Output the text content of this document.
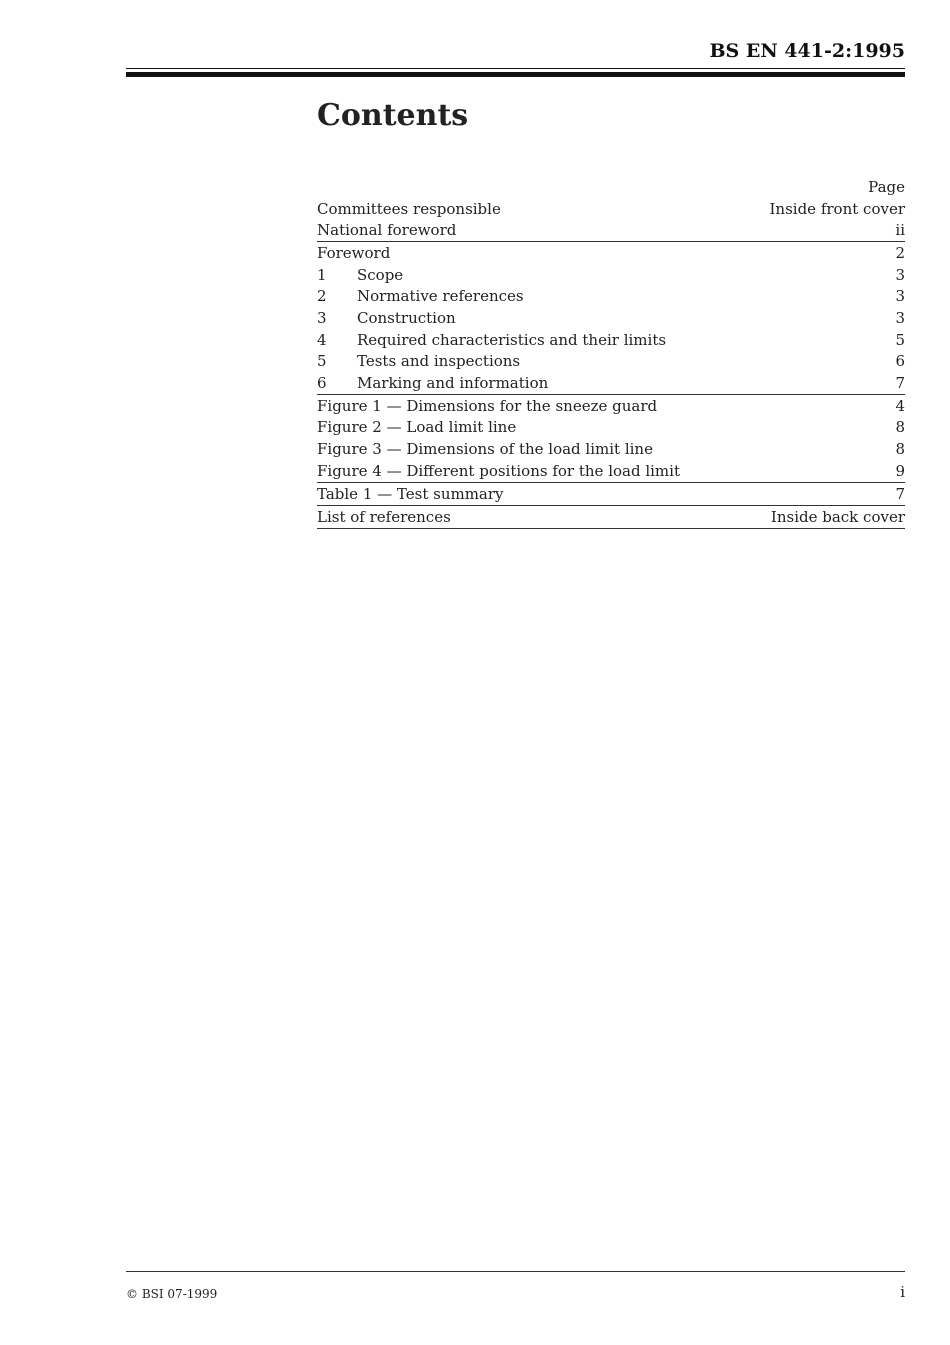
BS EN 441-2:1995
Contents
Page
Committees responsible	Inside front cover
National foreword	ii
Foreword	2
1	Scope	3
2	Normative references	3
3	Construction	3
4	Required characteristics and their limits	5
5	Tests and inspections	6
6	Marking and information	7
Figure 1 — Dimensions for the sneeze guard	4
Figure 2 — Load limit line	8
Figure 3 — Dimensions of the load limit line	8
Figure 4 — Different positions for the load limit	9
Table 1 — Test summary	7
List of references	Inside back cover
© BSI 07-1999	i
